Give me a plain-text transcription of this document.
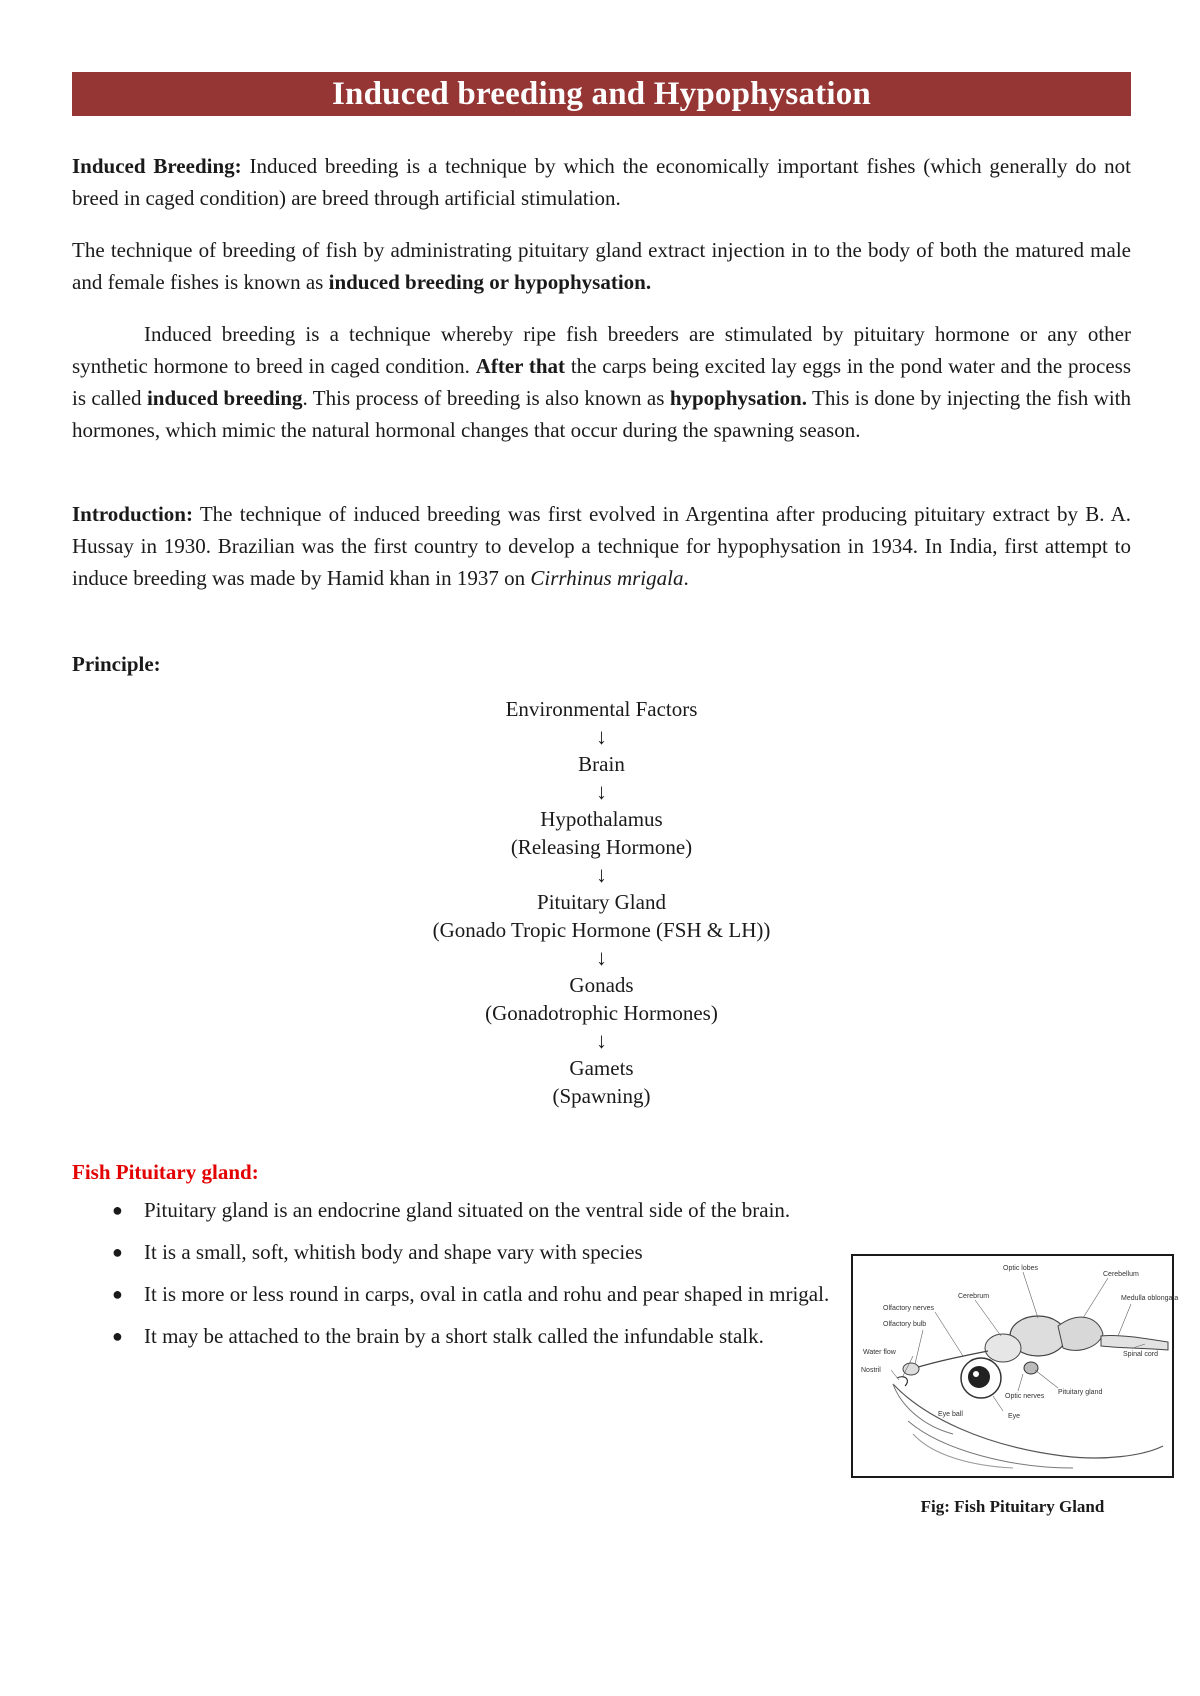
Induced breeding and Hypophysation

Induced Breeding: Induced breeding is a technique by which the economically important fishes (which generally do not breed in caged condition) are breed through artificial stimulation.

The technique of breeding of fish by administrating pituitary gland extract injection in to the body of both the matured male and female fishes is known as induced breeding or hypophysation.

Induced breeding is a technique whereby ripe fish breeders are stimulated by pituitary hormone or any other synthetic hormone to breed in caged condition. After that the carps being excited lay eggs in the pond water and the process is called induced breeding. This process of breeding is also known as hypophysation. This is done by injecting the fish with hormones, which mimic the natural hormonal changes that occur during the spawning season.

Introduction: The technique of induced breeding was first evolved in Argentina after producing pituitary extract by B. A. Hussay in 1930. Brazilian was the first country to develop a technique for hypophysation in 1934. In India, first attempt to induce breeding was made by Hamid khan in 1937 on Cirrhinus mrigala.

Principle:
Environmental Factors
↓
Brain
↓
Hypothalamus
(Releasing Hormone)
↓
Pituitary Gland
(Gonado Tropic Hormone (FSH & LH))
↓
Gonads
(Gonadotrophic Hormones)
↓
Gamets
(Spawning)
Fish Pituitary gland:
● Pituitary gland is an endocrine gland situated on the ventral side of the brain.
● It is a small, soft, whitish body and shape vary with species
● It is more or less round in carps, oval in catla and rohu and pear shaped in mrigal.
● It may be attached to the brain by a short stalk called the infundable stalk.
Optic lobes
Cerebellum
Cerebrum	Medulla oblongata
Olfactory nerves
Olfactory bulb
Spinal cord
Water flow
Nostril
Optic nerves
Pituitary gland
Eye
Eye ball
Fig: Fish Pituitary Gland
